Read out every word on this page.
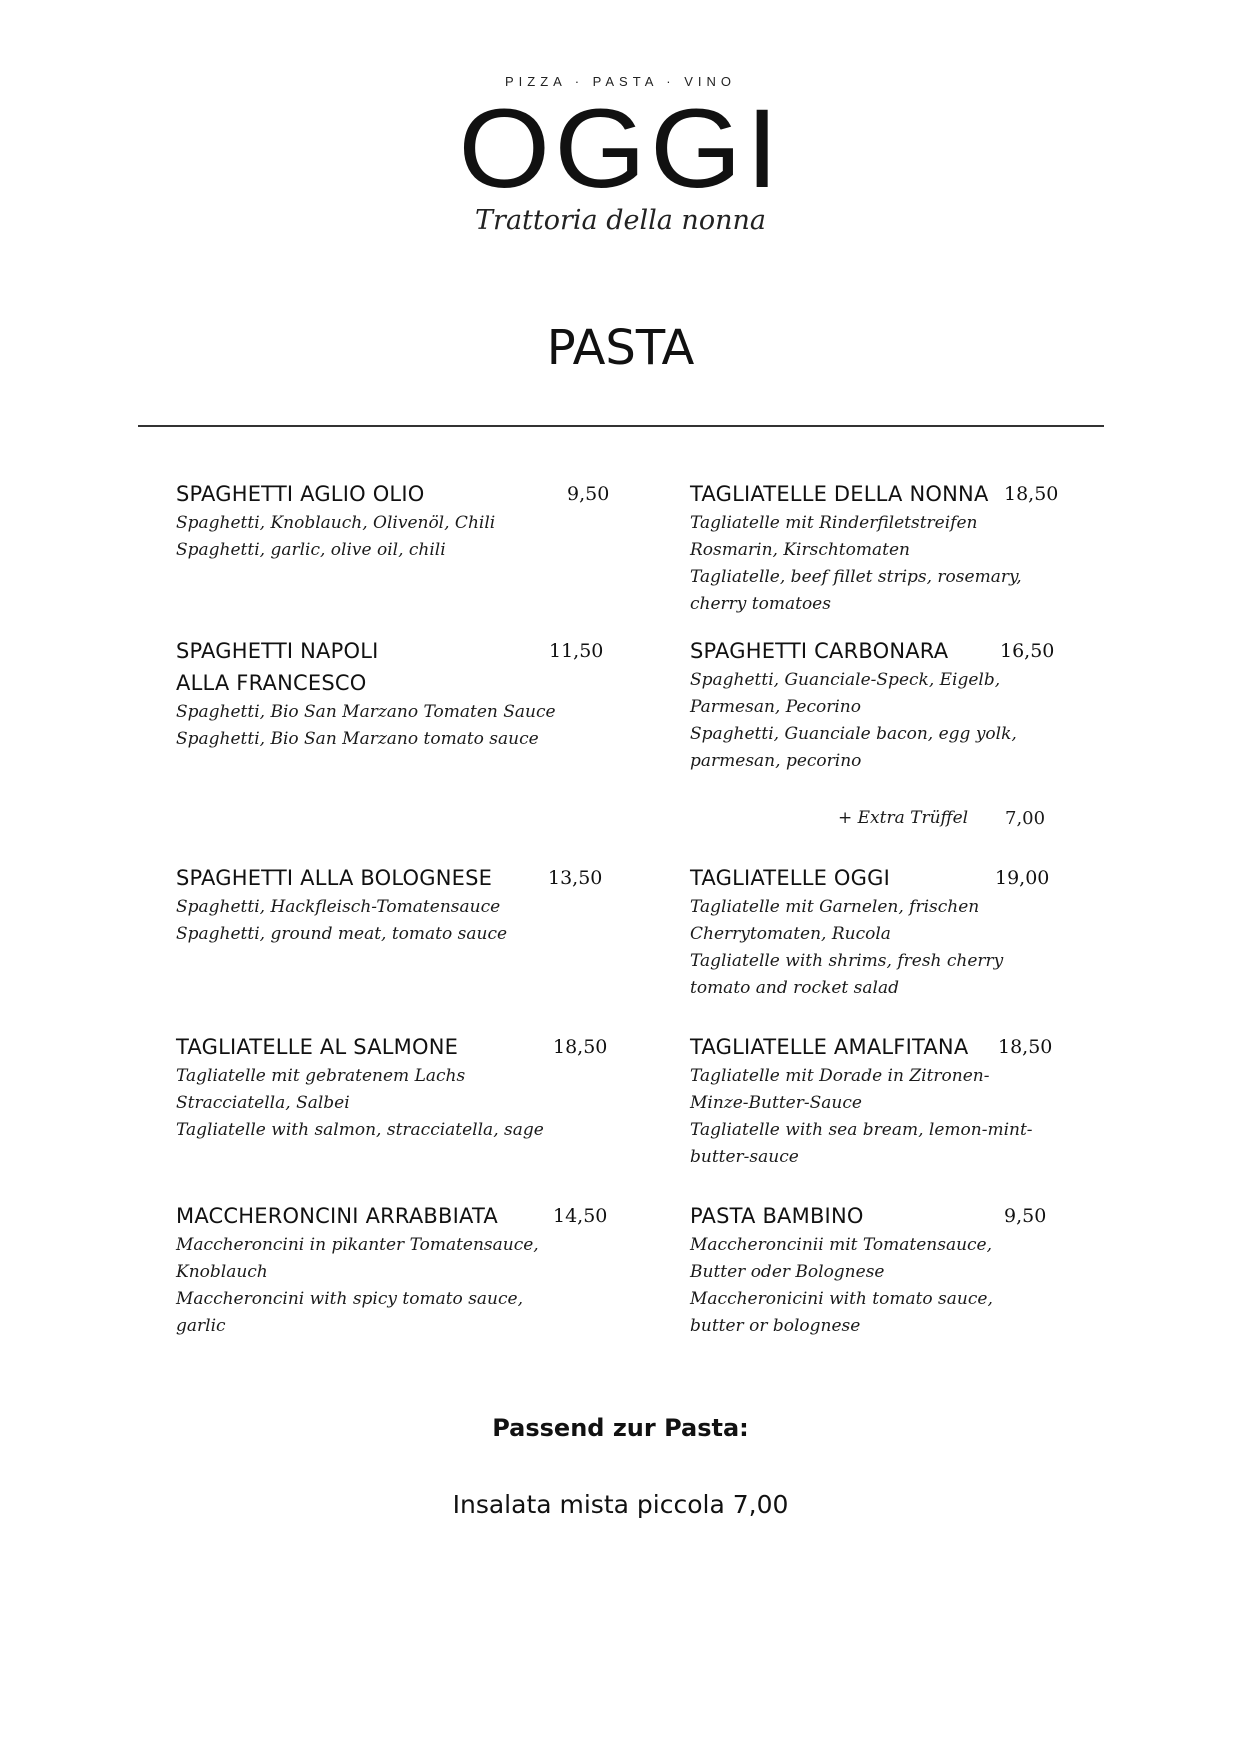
PIZZA · PASTA · VINO
OGGI
Trattoria della nonna
PASTA
SPAGHETTI AGLIO OLIO	9,50
Spaghetti, Knoblauch, Olivenöl, Chili
Spaghetti, garlic, olive oil, chili
TAGLIATELLE DELLA NONNA 18,50
Tagliatelle mit Rinderfiletstreifen
Rosmarin, Kirschtomaten
Tagliatelle, beef fillet strips, rosemary,
cherry tomatoes
SPAGHETTI NAPOLI	11,50
ALLA FRANCESCO
Spaghetti, Bio San Marzano Tomaten Sauce
Spaghetti, Bio San Marzano tomato sauce
SPAGHETTI CARBONARA	16,50
Spaghetti, Guanciale-Speck, Eigelb,
Parmesan, Pecorino
Spaghetti, Guanciale bacon, egg yolk,
parmesan, pecorino
+ Extra Trüffel 7,00
SPAGHETTI ALLA BOLOGNESE	13,50
Spaghetti, Hackfleisch-Tomatensauce
Spaghetti, ground meat, tomato sauce
TAGLIATELLE OGGI	19,00
Tagliatelle mit Garnelen, frischen
Cherrytomaten, Rucola
Tagliatelle with shrims, fresh cherry
tomato and rocket salad
TAGLIATELLE AL SALMONE	18,50
Tagliatelle mit gebratenem Lachs
Stracciatella, Salbei
Tagliatelle with salmon, stracciatella, sage
TAGLIATELLE AMALFITANA	18,50
Tagliatelle mit Dorade in Zitronen-
Minze-Butter-Sauce
Tagliatelle with sea bream, lemon-mint-
butter-sauce
MACCHERONCINI ARRABBIATA	14,50
Maccheroncini in pikanter Tomatensauce,
Knoblauch
Maccheroncini with spicy tomato sauce,
garlic
PASTA BAMBINO	9,50
Maccheroncinii mit Tomatensauce,
Butter oder Bolognese
Maccheronicini with tomato sauce,
butter or bolognese
Passend zur Pasta:
Insalata mista piccola 7,00
